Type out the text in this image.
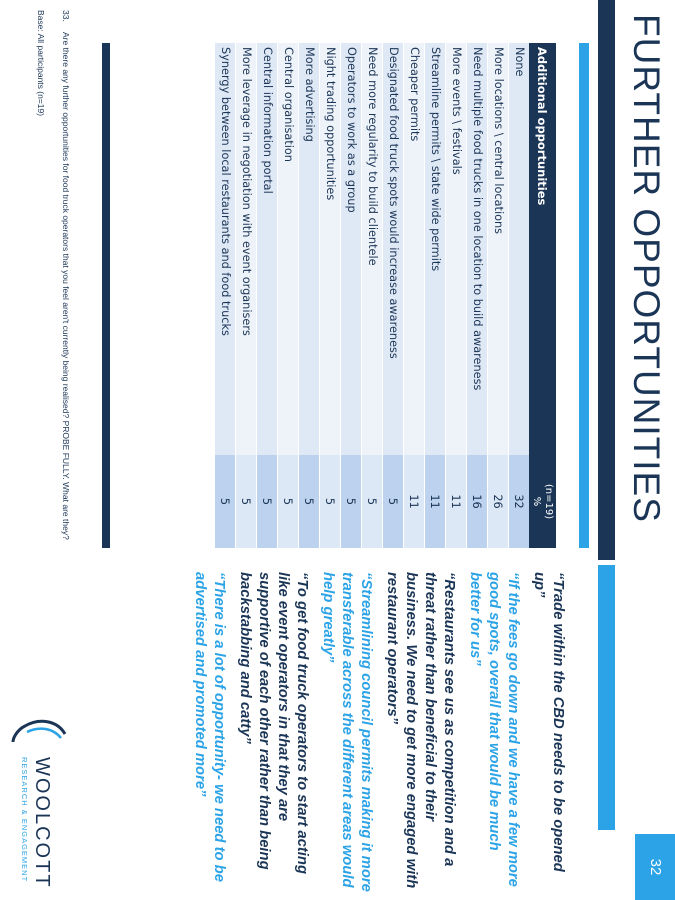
FURTHER OPPORTUNITIES
32
Additional opportunities
(n=19)
%
None
32
More locations \ central locations
26
Need multiple food trucks in one location to build awareness
16
More events \ festivals
11
Streamline permits \ state wide permits
11
Cheaper permits
11
Designated food truck spots would increase awareness
5
Need more regularity to build clientele
5
Operators to work as a group
5
Night trading opportunities
5
More advertising
5
Central organisation
5
Central information portal
5
More leverage in negotiation with event organisers
5
Synergy between local restaurants and food trucks
5

“Trade within the CBD needs to be opened up”

“If the fees go down and we have a few more good spots, overall that would be much better for us”

“Restaurants see us as competition and a threat rather than beneficial to their business. We need to get more engaged with restaurant operators”

“Streamlining council permits making it more transferable across the different areas would help greatly”

“To get food truck operators to start acting like event operators in that they are supportive of each other rather than being backstabbing and catty”

“There is a lot of opportunity- we need to be advertised and promoted more”

33.Are there any further opportunities for food truck operators that you feel aren't currently being realised? PROBE FULLY. What are they?
Base: All participants (n=19)
WOOLCOTT
RESEARCH & ENGAGEMENT
